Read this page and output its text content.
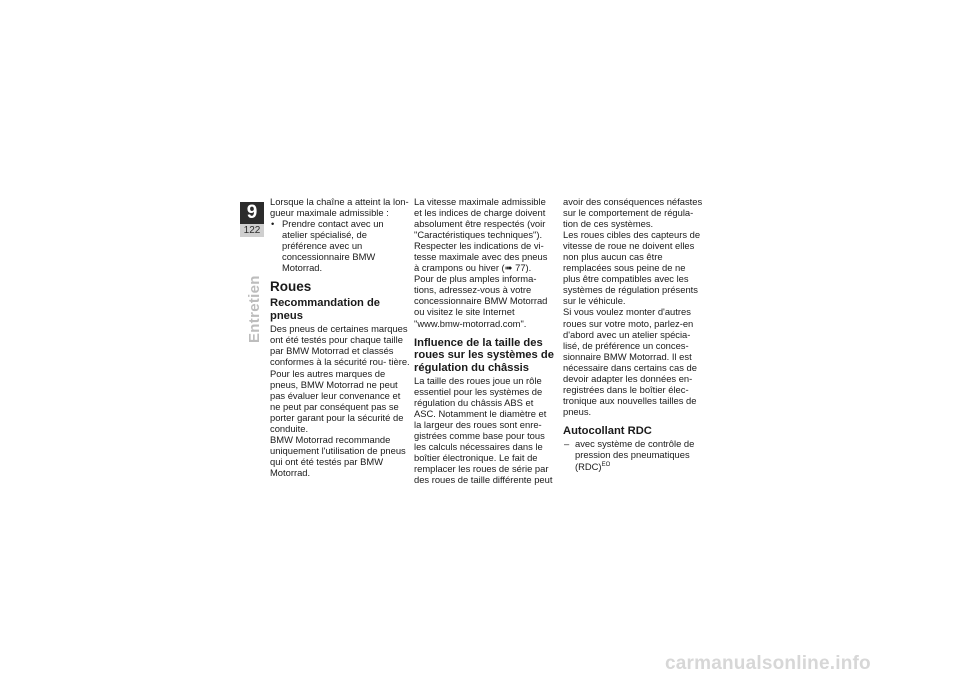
9
122
Entretien

Lorsque la chaîne a atteint la lon- gueur maximale admissible :

• Prendre contact avec un atelier spécialisé, de préférence avec un concessionnaire BMW Motorrad.

Roues
Recommandation de pneus

Des pneus de certaines marques ont été testés pour chaque taille par BMW Motorrad et classés conformes à la sécurité rou- tière. Pour les autres marques de pneus, BMW Motorrad ne peut pas évaluer leur convenance et ne peut par conséquent pas se porter garant pour la sécurité de conduite.

BMW Motorrad recommande uniquement l'utilisation de pneus qui ont été testés par BMW Motorrad.

La vitesse maximale admissible et les indices de charge doivent absolument être respectés (voir "Caractéristiques techniques"). Respecter les indications de vi- tesse maximale avec des pneus à crampons ou hiver (➠ 77).

Pour de plus amples informa- tions, adressez-vous à votre concessionnaire BMW Motorrad ou visitez le site Internet "www.bmw-motorrad.com".

Influence de la taille des roues sur les systèmes de régulation du châssis

La taille des roues joue un rôle essentiel pour les systèmes de régulation du châssis ABS et ASC. Notamment le diamètre et la largeur des roues sont enre- gistrées comme base pour tous les calculs nécessaires dans le boîtier électronique. Le fait de remplacer les roues de série par des roues de taille différente peut

avoir des conséquences néfastes sur le comportement de régula- tion de ces systèmes.

Les roues cibles des capteurs de vitesse de roue ne doivent elles non plus aucun cas être remplacées sous peine de ne plus être compatibles avec les systèmes de régulation présents sur le véhicule.

Si vous voulez monter d'autres roues sur votre moto, parlez-en d'abord avec un atelier spécia- lisé, de préférence un conces- sionnaire BMW Motorrad. Il est nécessaire dans certains cas de devoir adapter les données en- registrées dans le boîtier élec- tronique aux nouvelles tailles de pneus.

Autocollant RDC

– avec système de contrôle de pression des pneumatiques (RDC)$^{EO}$

carmanualsonline.info
